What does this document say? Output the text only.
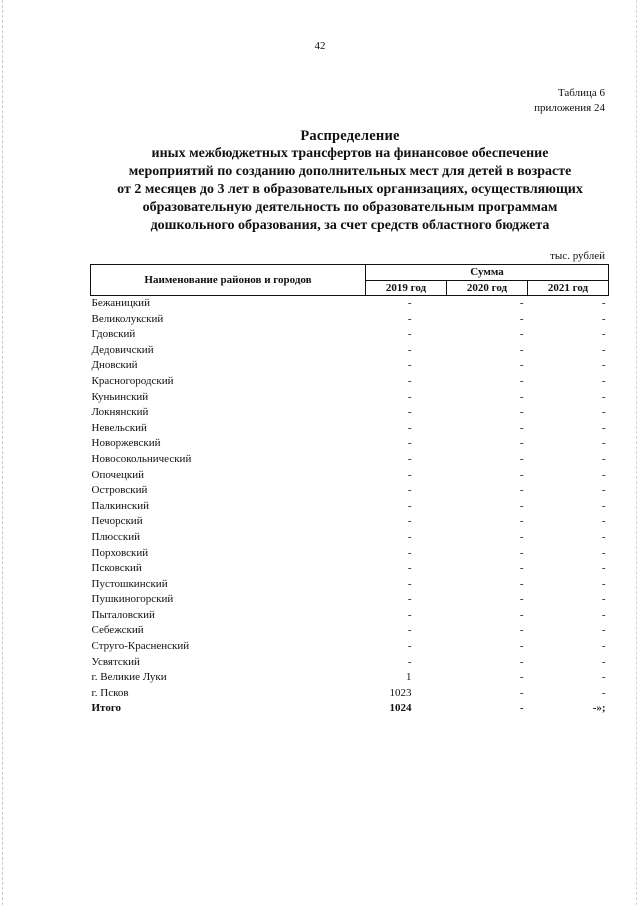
42
Таблица 6
приложения 24
Распределение
иных межбюджетных трансфертов на финансовое обеспечение
мероприятий по созданию дополнительных мест для детей в возрасте
от 2 месяцев до 3 лет в образовательных организациях, осуществляющих
образовательную деятельность по образовательным программам
дошкольного образования, за счет средств областного бюджета
тыс. рублей
Наименование районов и городов	Сумма		
	2019 год	2020 год	2021 год
Бежаницкий	-	-	-
Великолукский	-	-	-
Гдовский	-	-	-
Дедовичский	-	-	-
Дновский	-	-	-
Красногородский	-	-	-
Куньинский	-	-	-
Локнянский	-	-	-
Невельский	-	-	-
Новоржевский	-	-	-
Новосокольнический	-	-	-
Опочецкий	-	-	-
Островский	-	-	-
Палкинский	-	-	-
Печорский	-	-	-
Плюсский	-	-	-
Порховский	-	-	-
Псковский	-	-	-
Пустошкинский	-	-	-
Пушкиногорский	-	-	-
Пыталовский	-	-	-
Себежский	-	-	-
Струго-Красненский	-	-	-
Усвятский	-	-	-
г. Великие Луки	1	-	-
г. Псков	1023	-	-
Итого	1024	-	-»;
